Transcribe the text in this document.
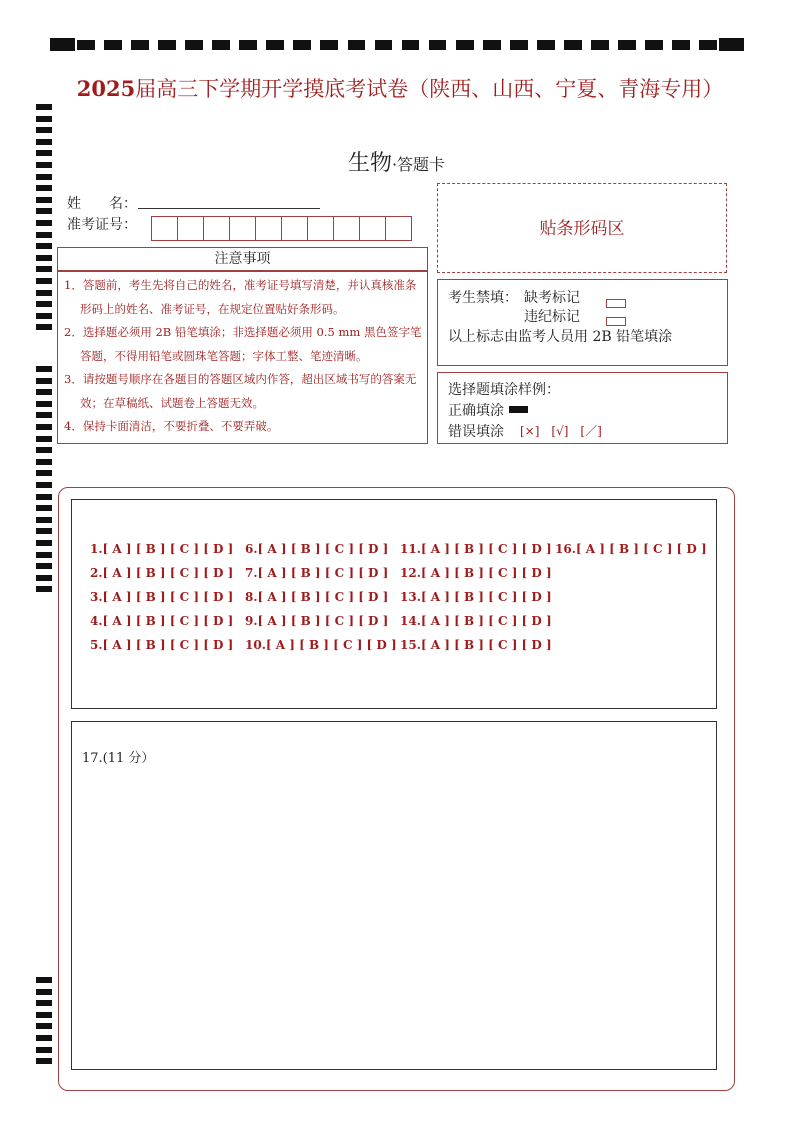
2025届高三下学期开学摸底考试卷（陕西、山西、宁夏、青海专用）
生物·答题卡
姓　　名：
准考证号：	贴条形码区
注意事项
1．答题前，考生先将自己的姓名，准考证号填写清楚，并认真核准条形码上的姓名、准考证号，在规定位置贴好条形码。
2．选择题必须用 2B 铅笔填涂；非选择题必须用 0.5 mm 黑色签字笔答题，不得用铅笔或圆珠笔答题；字体工整、笔迹清晰。
3．请按题号顺序在各题目的答题区域内作答，超出区域书写的答案无效；在草稿纸、试题卷上答题无效。
4．保持卡面清洁，不要折叠、不要弄破。
考生禁填： 缺考标记
违纪标记
以上标志由监考人员用 2B 铅笔填涂
选择题填涂样例：
正确填涂
错误填涂 [×]　[√]　[／]
1.[ A ] [ B ] [ C ] [ D ]
2.[ A ] [ B ] [ C ] [ D ]
3.[ A ] [ B ] [ C ] [ D ]
4.[ A ] [ B ] [ C ] [ D ]
5.[ A ] [ B ] [ C ] [ D ]
6.[ A ] [ B ] [ C ] [ D ]
7.[ A ] [ B ] [ C ] [ D ]
8.[ A ] [ B ] [ C ] [ D ]
9.[ A ] [ B ] [ C ] [ D ]
10.[ A ] [ B ] [ C ] [ D ]
11.[ A ] [ B ] [ C ] [ D ]
12.[ A ] [ B ] [ C ] [ D ]
13.[ A ] [ B ] [ C ] [ D ]
14.[ A ] [ B ] [ C ] [ D ]
15.[ A ] [ B ] [ C ] [ D ]
16.[ A ] [ B ] [ C ] [ D ]
17.(11 分）
